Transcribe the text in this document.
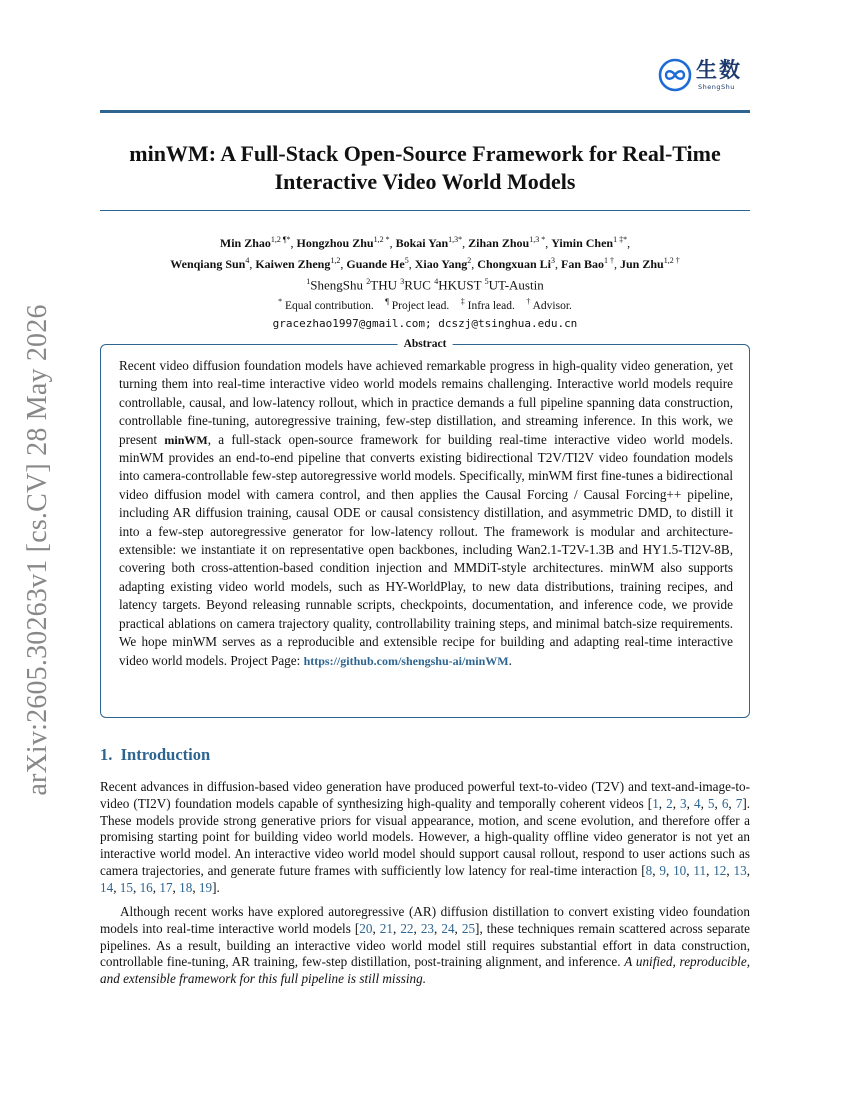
arXiv:2605.30263v1 [cs.CV] 28 May 2026
生数
ShengShu
minWM: A Full-Stack Open-Source Framework for Real-Time Interactive Video World Models
Min Zhao$^{1,2 \P*}$, Hongzhou Zhu$^{1,2 *}$, Bokai Yan$^{1,3*}$, Zihan Zhou$^{1,3 *}$, Yimin Chen$^{1 \ddagger*}$,
Wenqiang Sun$^4$, Kaiwen Zheng$^{1,2}$, Guande He$^5$, Xiao Yang$^2$, Chongxuan Li$^3$, Fan Bao$^{1 \dagger}$, Jun Zhu$^{1,2 \dagger}$
$^1$ShengShu $^2$THU $^3$RUC $^4$HKUST $^5$UT-Austin
* Equal contribution. ¶ Project lead. ‡ Infra lead. † Advisor.
gracezhao1997@gmail.com; dcszj@tsinghua.edu.cn
Abstract

Recent video diffusion foundation models have achieved remarkable progress in high-quality video generation, yet turning them into real-time interactive video world models remains challenging. Interactive world models require controllable, causal, and low-latency rollout, which in practice demands a full pipeline spanning data construction, controllable fine-tuning, autoregressive training, few-step distillation, and streaming inference. In this work, we present minWM, a full-stack open-source framework for building real-time interactive video world models. minWM provides an end-to-end pipeline that converts existing bidirectional T2V/TI2V video foundation models into camera-controllable few-step autoregressive world models. Specifically, minWM first fine-tunes a bidirectional video diffusion model with camera control, and then applies the Causal Forcing / Causal Forcing++ pipeline, including AR diffusion training, causal ODE or causal consistency distillation, and asymmetric DMD, to distill it into a few-step autoregressive generator for low-latency rollout. The framework is modular and architecture-extensible: we instantiate it on representative open backbones, including Wan2.1-T2V-1.3B and HY1.5-TI2V-8B, covering both cross-attention-based condition injection and MMDiT-style architectures. minWM also supports adapting existing video world models, such as HY-WorldPlay, to new data distributions, training recipes, and latency targets. Beyond releasing runnable scripts, checkpoints, documentation, and inference code, we provide practical ablations on camera trajectory quality, controllability training steps, and minimal batch-size requirements. We hope minWM serves as a reproducible and extensible recipe for building and adapting real-time interactive video world models. Project Page: https://github.com/shengshu-ai/minWM.

1. Introduction

Recent advances in diffusion-based video generation have produced powerful text-to-video (T2V) and text-and-image-to-video (TI2V) foundation models capable of synthesizing high-quality and temporally coherent videos [1, 2, 3, 4, 5, 6, 7]. These models provide strong generative priors for visual appearance, motion, and scene evolution, and therefore offer a promising starting point for building video world models. However, a high-quality offline video generator is not yet an interactive world model. An interactive video world model should support causal rollout, respond to user actions such as camera trajectories, and generate future frames with sufficiently low latency for real-time interaction [8, 9, 10, 11, 12, 13, 14, 15, 16, 17, 18, 19].

Although recent works have explored autoregressive (AR) diffusion distillation to convert existing video foundation models into real-time interactive world models [20, 21, 22, 23, 24, 25], these techniques remain scattered across separate pipelines. As a result, building an interactive video world model still requires substantial effort in data construction, controllable fine-tuning, AR training, few-step distillation, post-training alignment, and inference. A unified, reproducible, and extensible framework for this full pipeline is still missing.
